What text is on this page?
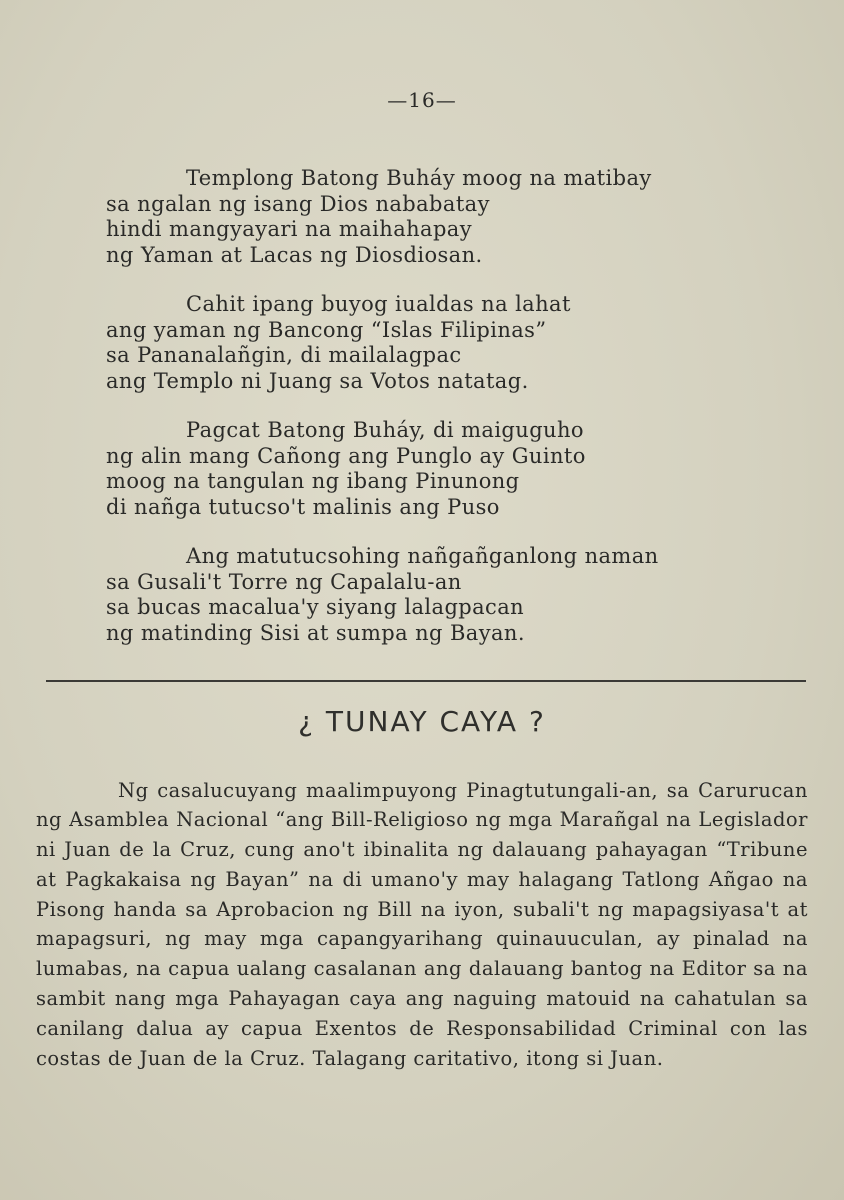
—16—
Templong Batong Buháy moog na matibay
sa ngalan ng isang Dios nababatay
hindi mangyayari na maihahapay
ng Yaman at Lacas ng Diosdiosan.
Cahit ipang buyog iualdas na lahat
ang yaman ng Bancong “Islas Filipinas”
sa Pananalañgin, di mailalagpac
ang Templo ni Juang sa Votos natatag.
Pagcat Batong Buháy, di maiguguho
ng alin mang Cañong ang Punglo ay Guinto
moog na tangulan ng ibang Pinunong
di nañga tutucso't malinis ang Puso
Ang matutucsohing nañgañganlong naman
sa Gusali't Torre ng Capalalu-an
sa bucas macalua'y siyang lalagpacan
ng matinding Sisi at sumpa ng Bayan.
¿ TUNAY CAYA ?

Ng casalucuyang maalimpuyong Pinagtutungali-an, sa Carurucan ng Asamblea Nacional “ang Bill-Religioso ng mga Marañgal na Legislador ni Juan de la Cruz, cung ano't ibinalita ng dalauang pahayagan “Tribune at Pagkakaisa ng Bayan” na di umano'y may halagang Tatlong Añgao na Pisong handa sa Aprobacion ng Bill na iyon, subali't ng mapagsiyasa't at mapagsuri, ng may mga capangyarihang quinauuculan, ay pinalad na lumabas, na capua ualang casalanan ang dalauang bantog na Editor sa na sambit nang mga Pahayagan caya ang naguing matouid na cahatulan sa canilang dalua ay capua Exentos de Responsabilidad Criminal con las costas de Juan de la Cruz. Talagang caritativo, itong si Juan.
